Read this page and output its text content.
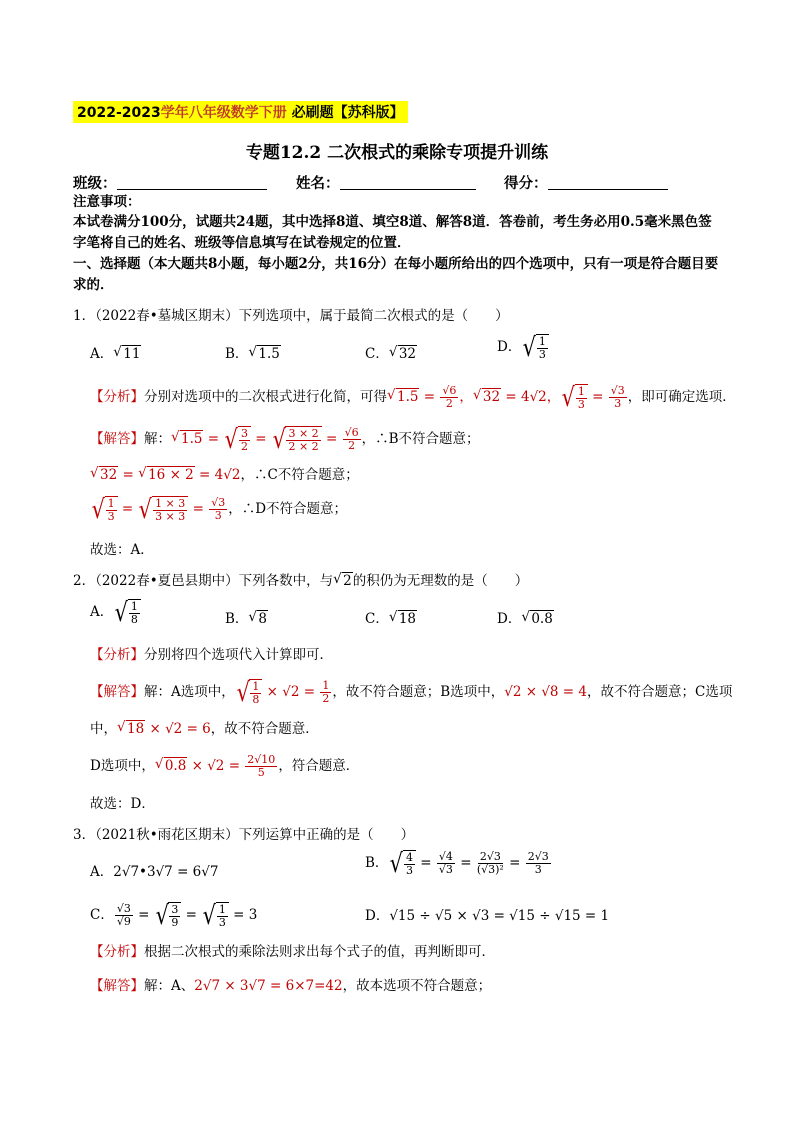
2022-2023学年八年级数学下册 必刷题【苏科版】
专题12.2 二次根式的乘除专项提升训练
班级：	姓名：	得分：
注意事项：
本试卷满分100分，试题共24题，其中选择8道、填空8道、解答8道．答卷前，考生务必用0.5毫米黑色签字笔将自己的姓名、班级等信息填写在试卷规定的位置．
一、选择题（本大题共8小题，每小题2分，共16分）在每小题所给出的四个选项中，只有一项是符合题目要求的．
1．（2022春•墓城区期末）下列选项中，属于最简二次根式的是（　　）
A． √ 11	B． √ 1.5	C． √ 32	D． √ $\frac{1}{3}$
【分析】分别对选项中的二次根式进行化简，可得 √ $1.5 = \frac{√6}{2}$ ， √ 32 = 4√2， √ $\frac{1}{3} = \frac{√3}{3}$ ，即可确定选项．
【解答】解： √ 1.5 = √ $\frac{3}{2}$ = √ $\frac{3 \times 2}{2 \times 2} = \frac{√6}{2}$ ，∴B不符合题意；
√ 32 = √ 16 × 2 = 4√2，∴C不符合题意；
√ $\frac{1}{3}$ = √ $\frac{1 \times 3}{3 \times 3} = \frac{√3}{3}$ ，∴D不符合题意；
故选：A．
2．（2022春•夏邑县期中）下列各数中，与 √ 2的积仍为无理数的是（　　）
A． √ $\frac{1}{8}$	B． √ 8	C． √ 18	D． √ 0.8
【分析】分别将四个选项代入计算即可．
【解答】解：A选项中， √ $\frac{1}{8} \times √2 = \frac{1}{2}$ ，故不符合题意；B选项中，√2 × √8 = 4，故不符合题意；C选项
中， √ 18 × √2 = 6，故不符合题意．
D选项中， √ $0.8 \times √2 = \frac{2√10}{5}$ ，符合题意．
故选：D．
3．（2021秋•雨花区期末）下列运算中正确的是（　　）
A．2√7•3√7 = 6√7
B． √ $\frac{4}{3} = \frac{√4}{√3} = \frac{2√3}{\text{(√3)²}} = \frac{2√3}{3}$
C． $\frac{√3}{√9}$ = √ $\frac{3}{9}$ = √ $\frac{1}{3} = 3$	D．√15 ÷ √5 × √3 = √15 ÷ √15 = 1
【分析】根据二次根式的乘除法则求出每个式子的值，再判断即可．
【解答】解：A、2√7 × 3√7 = 6×7=42，故本选项不符合题意；
